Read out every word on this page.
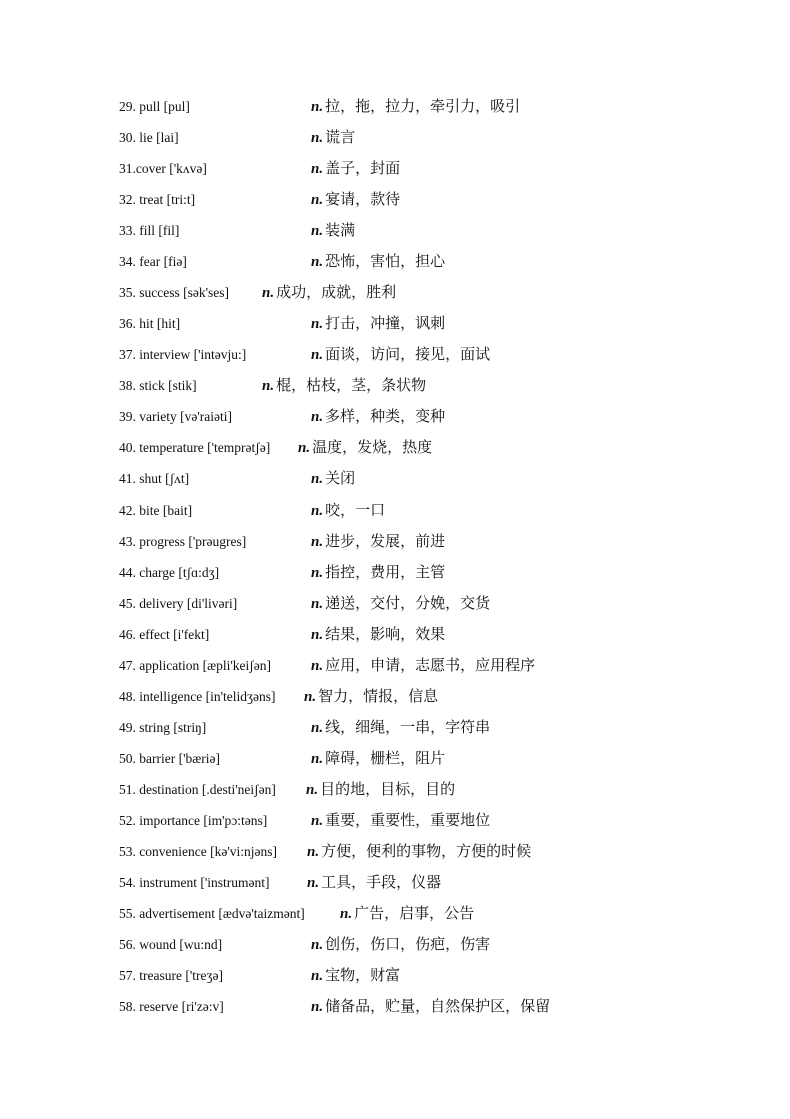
29. pull [pul]	n. 拉，拖，拉力，牵引力，吸引
30. lie [lai]	n. 谎言
31.cover ['kʌvə]	n. 盖子，封面
32. treat [tri:t]	n. 宴请，款待
33. fill [fil]	n. 装满
34. fear [fiə]	n. 恐怖，害怕，担心
35. success [sək'ses] n. 成功，成就，胜利
36. hit [hit]	n. 打击，冲撞，讽刺
37. interview ['intəvju:]	n. 面谈，访问，接见，面试
38. stick [stik]	n. 棍，枯枝，茎，条状物
39. variety [və'raiəti]	n. 多样，种类，变种
40. temperature ['temprətʃə] n. 温度，发烧，热度
41. shut [ʃʌt]	n. 关闭
42. bite [bait]	n. 咬，一口
43. progress ['prəugres]	n. 进步，发展，前进
44. charge [tʃɑ:dʒ]	n. 指控，费用，主管
45. delivery [di'livəri]	n. 递送，交付，分娩，交货
46. effect [i'fekt]	n. 结果，影响，效果
47. application [æpli'keiʃən]	n. 应用，申请，志愿书，应用程序
48. intelligence [in'telidʒəns] n. 智力，情报，信息
49. string [striŋ]	n. 线，细绳，一串，字符串
50. barrier ['bæriə]	n. 障碍，栅栏，阻片
51. destination [.desti'neiʃən] n. 目的地，目标，目的
52. importance [im'pɔ:təns]	n. 重要，重要性，重要地位
53. convenience [kə'vi:njəns] n. 方便，便利的事物，方便的时候
54. instrument ['instrumənt] n. 工具，手段，仪器
55. advertisement [ædvə'taizmənt] n. 广告，启事，公告
56. wound [wu:nd]	n. 创伤，伤口，伤疤，伤害
57. treasure ['treʒə]	n. 宝物，财富
58. reserve [ri'zə:v]	n. 储备品，贮量，自然保护区，保留
